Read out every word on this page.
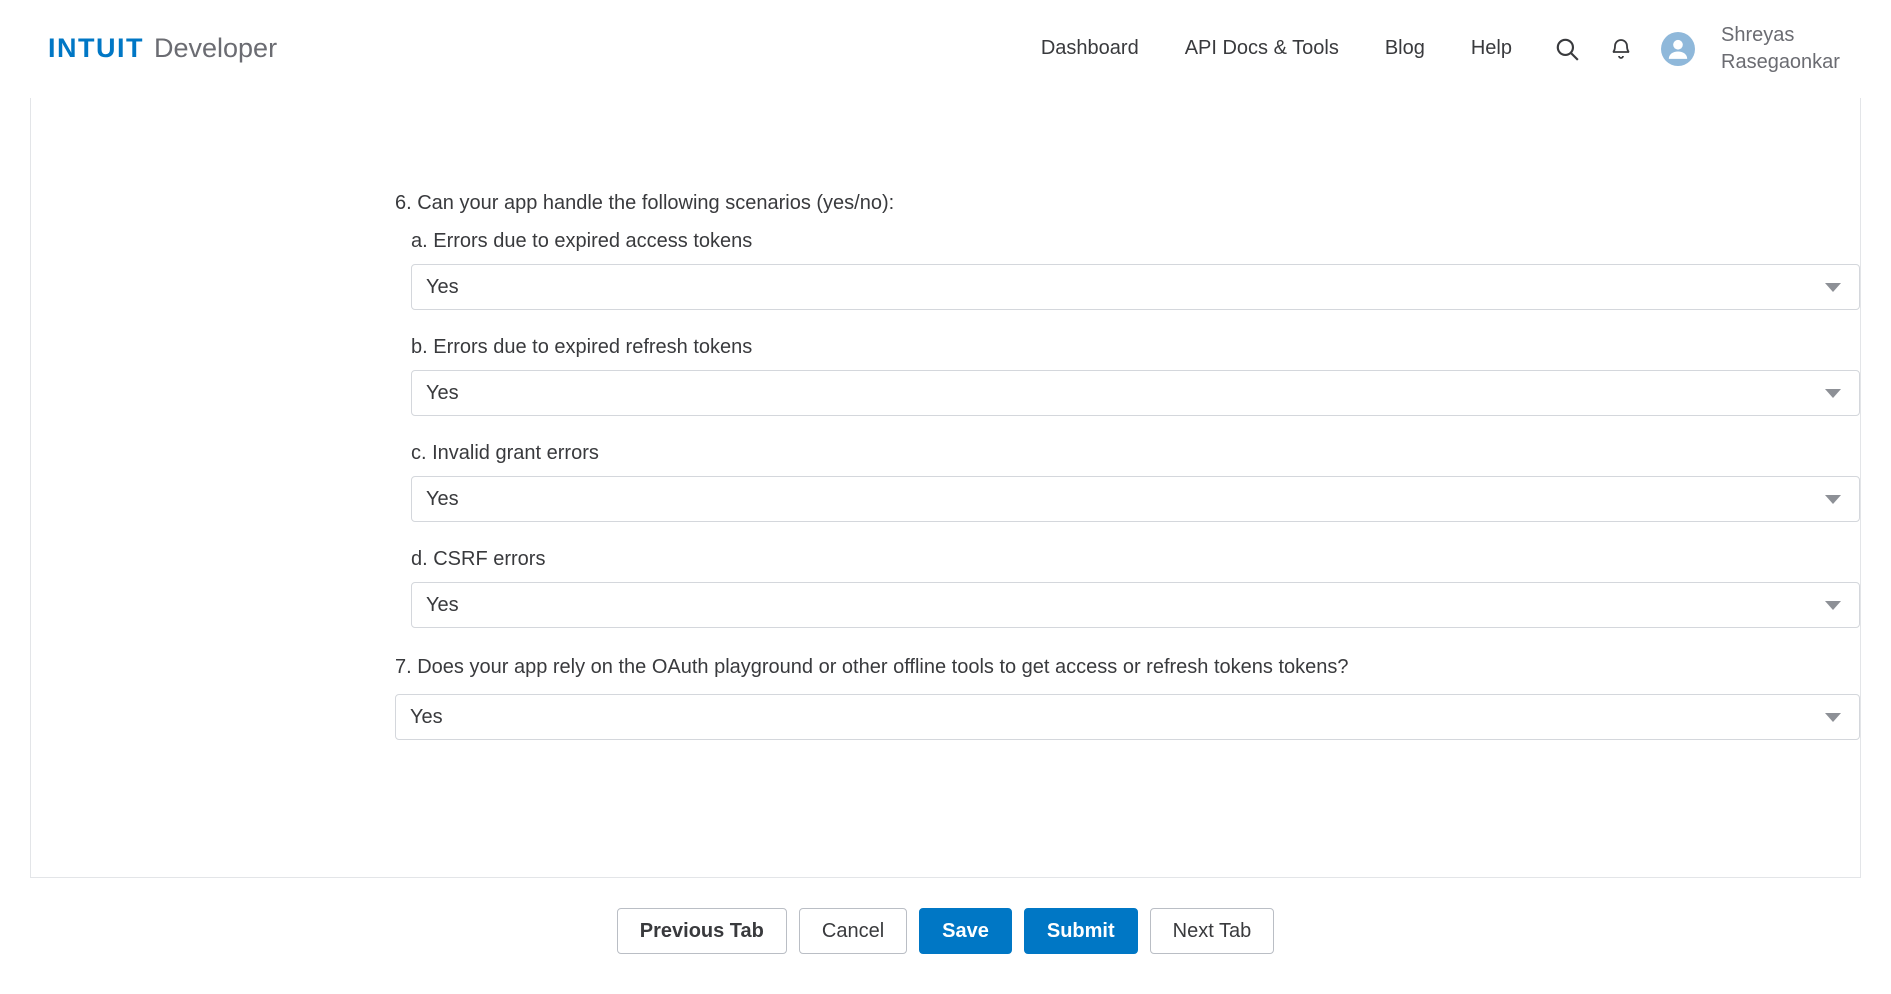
INTUIT Developer	Dashboard	API Docs & Tools	Blog	Help
Shreyas Rasegaonkar
6. Can your app handle the following scenarios (yes/no):
a. Errors due to expired access tokens
Yes
b. Errors due to expired refresh tokens
Yes
c. Invalid grant errors
Yes
d. CSRF errors
Yes
7. Does your app rely on the OAuth playground or other offline tools to get access or refresh tokens tokens?
Yes
Previous Tab	Cancel	Save	Submit	Next Tab
